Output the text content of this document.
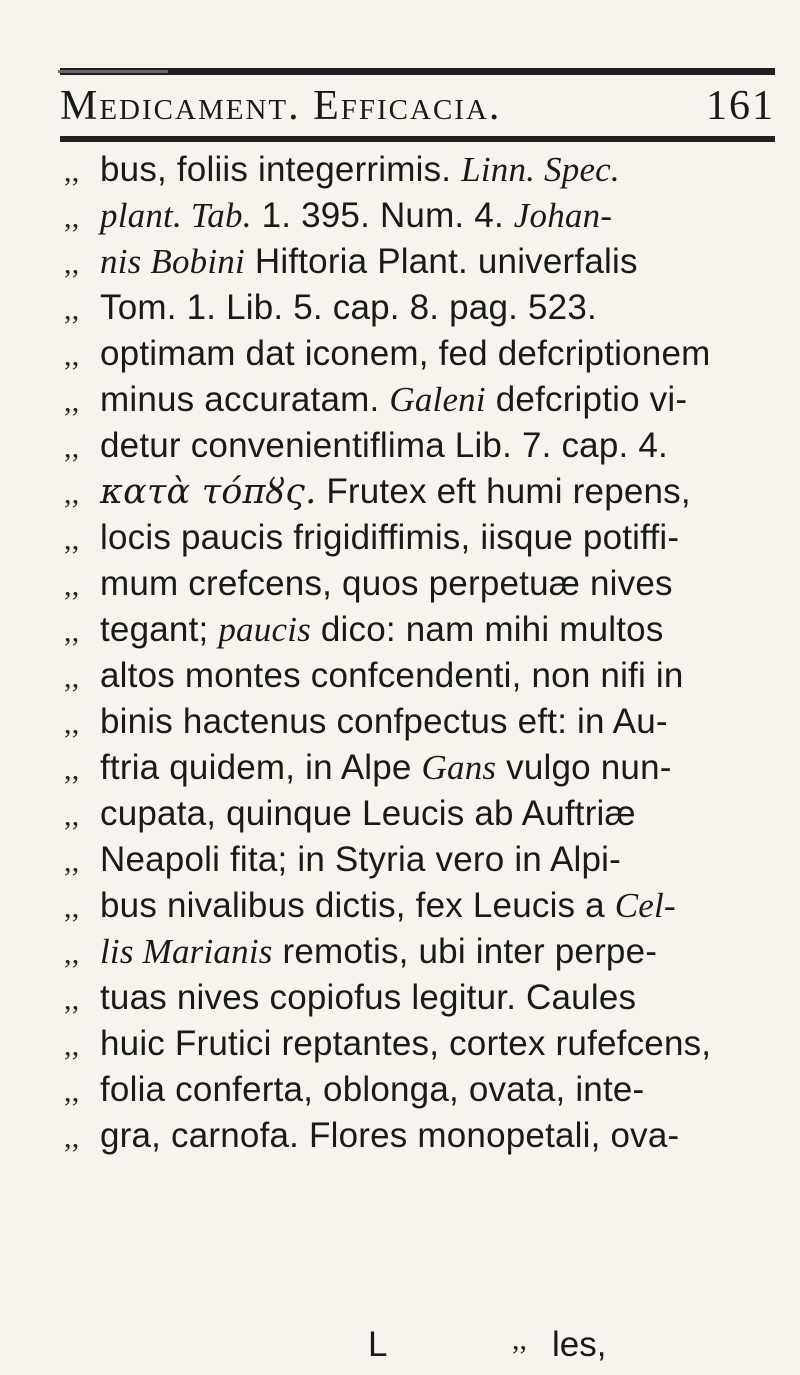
Medicament. Efficacia.	161
,, bus, foliis integerrimis. Linn. Spec.
,, plant. Tab. 1. 395. Num. 4. Johan-
,, nis Bobini Hiftoria Plant. univerfalis
,, Tom. 1. Lib. 5. cap. 8. pag. 523.
,, optimam dat iconem, fed defcriptionem
,, minus accuratam. Galeni defcriptio vi-
,, detur convenientiflima Lib. 7. cap. 4.
,, κατὰ τόπȣς. Frutex eft humi repens,
,, locis paucis frigidiffimis, iisque potiffi-
,, mum crefcens, quos perpetuæ nives
,, tegant; paucis dico: nam mihi multos
,, altos montes confcendenti, non nifi in
,, binis hactenus confpectus eft: in Au-
,, ftria quidem, in Alpe Gans vulgo nun-
,, cupata, quinque Leucis ab Auftriæ
,, Neapoli fita; in Styria vero in Alpi-
,, bus nivalibus dictis, fex Leucis a Cel-
,, lis Marianis remotis, ubi inter perpe-
,, tuas nives copiofus legitur. Caules
,, huic Frutici reptantes, cortex rufefcens,
,, folia conferta, oblonga, ovata, inte-
,, gra, carnofa. Flores monopetali, ova-
L	,, les,
